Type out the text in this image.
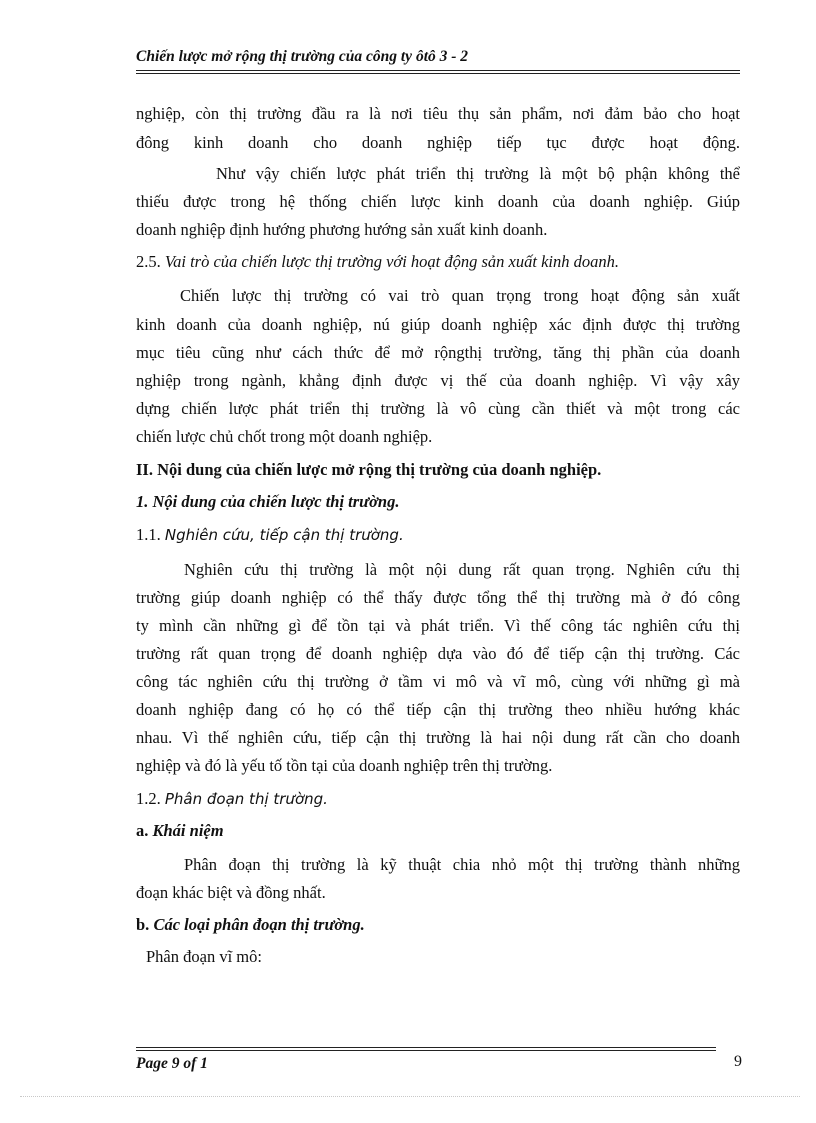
Chiến lược mở rộng thị trường của công ty ôtô 3 - 2
nghiệp, còn thị trường đầu ra là nơi tiêu thụ sản phẩm, nơi đảm bảo cho hoạt
đông kinh doanh cho doanh nghiệp tiếp tục được hoạt động.
Như vậy chiến lược phát triển thị trường là một bộ phận không thể
thiếu được trong hệ thống chiến lược kinh doanh của doanh nghiệp. Giúp
doanh nghiệp định hướng phương hướng sản xuất kinh doanh.
2.5. Vai trò của chiến lược thị trường với hoạt động sản xuất kinh doanh.
Chiến lược thị trường có vai trò quan trọng trong hoạt động sản xuất
kinh doanh của doanh nghiệp, nú giúp doanh nghiệp xác định được thị trường
mục tiêu cũng như cách thức để mở rộngthị trường, tăng thị phần của doanh
nghiệp trong ngành, khẳng định được vị thế của doanh nghiệp. Vì vậy xây
dựng chiến lược phát triển thị trường là vô cùng cần thiết và một trong các
chiến lược chủ chốt trong một doanh nghiệp.
II. Nội dung của chiến lược mở rộng thị trường của doanh nghiệp.
1. Nội dung của chiến lược thị trường.
1.1. Nghiên cứu, tiếp cận thị trường.
Nghiên cứu thị trường là một nội dung rất quan trọng. Nghiên cứu thị
trường giúp doanh nghiệp có thể thấy được tổng thể thị trường mà ở đó công
ty mình cần những gì để tồn tại và phát triển. Vì thế công tác nghiên cứu thị
trường rất quan trọng để doanh nghiệp dựa vào đó để tiếp cận thị trường. Các
công tác nghiên cứu thị trường ở tầm vi mô và vĩ mô, cùng với những gì mà
doanh nghiệp đang có họ có thể tiếp cận thị trường theo nhiều hướng khác
nhau. Vì thế nghiên cứu, tiếp cận thị trường là hai nội dung rất cần cho doanh
nghiệp và đó là yếu tố tồn tại của doanh nghiệp trên thị trường.
1.2. Phân đoạn thị trường.
a. Khái niệm
Phân đoạn thị trường là kỹ thuật chia nhỏ một thị trường thành những
đoạn khác biệt và đồng nhất.
b. Các loại phân đoạn thị trường.
Phân đoạn vĩ mô:
Page 9 of 1	9
